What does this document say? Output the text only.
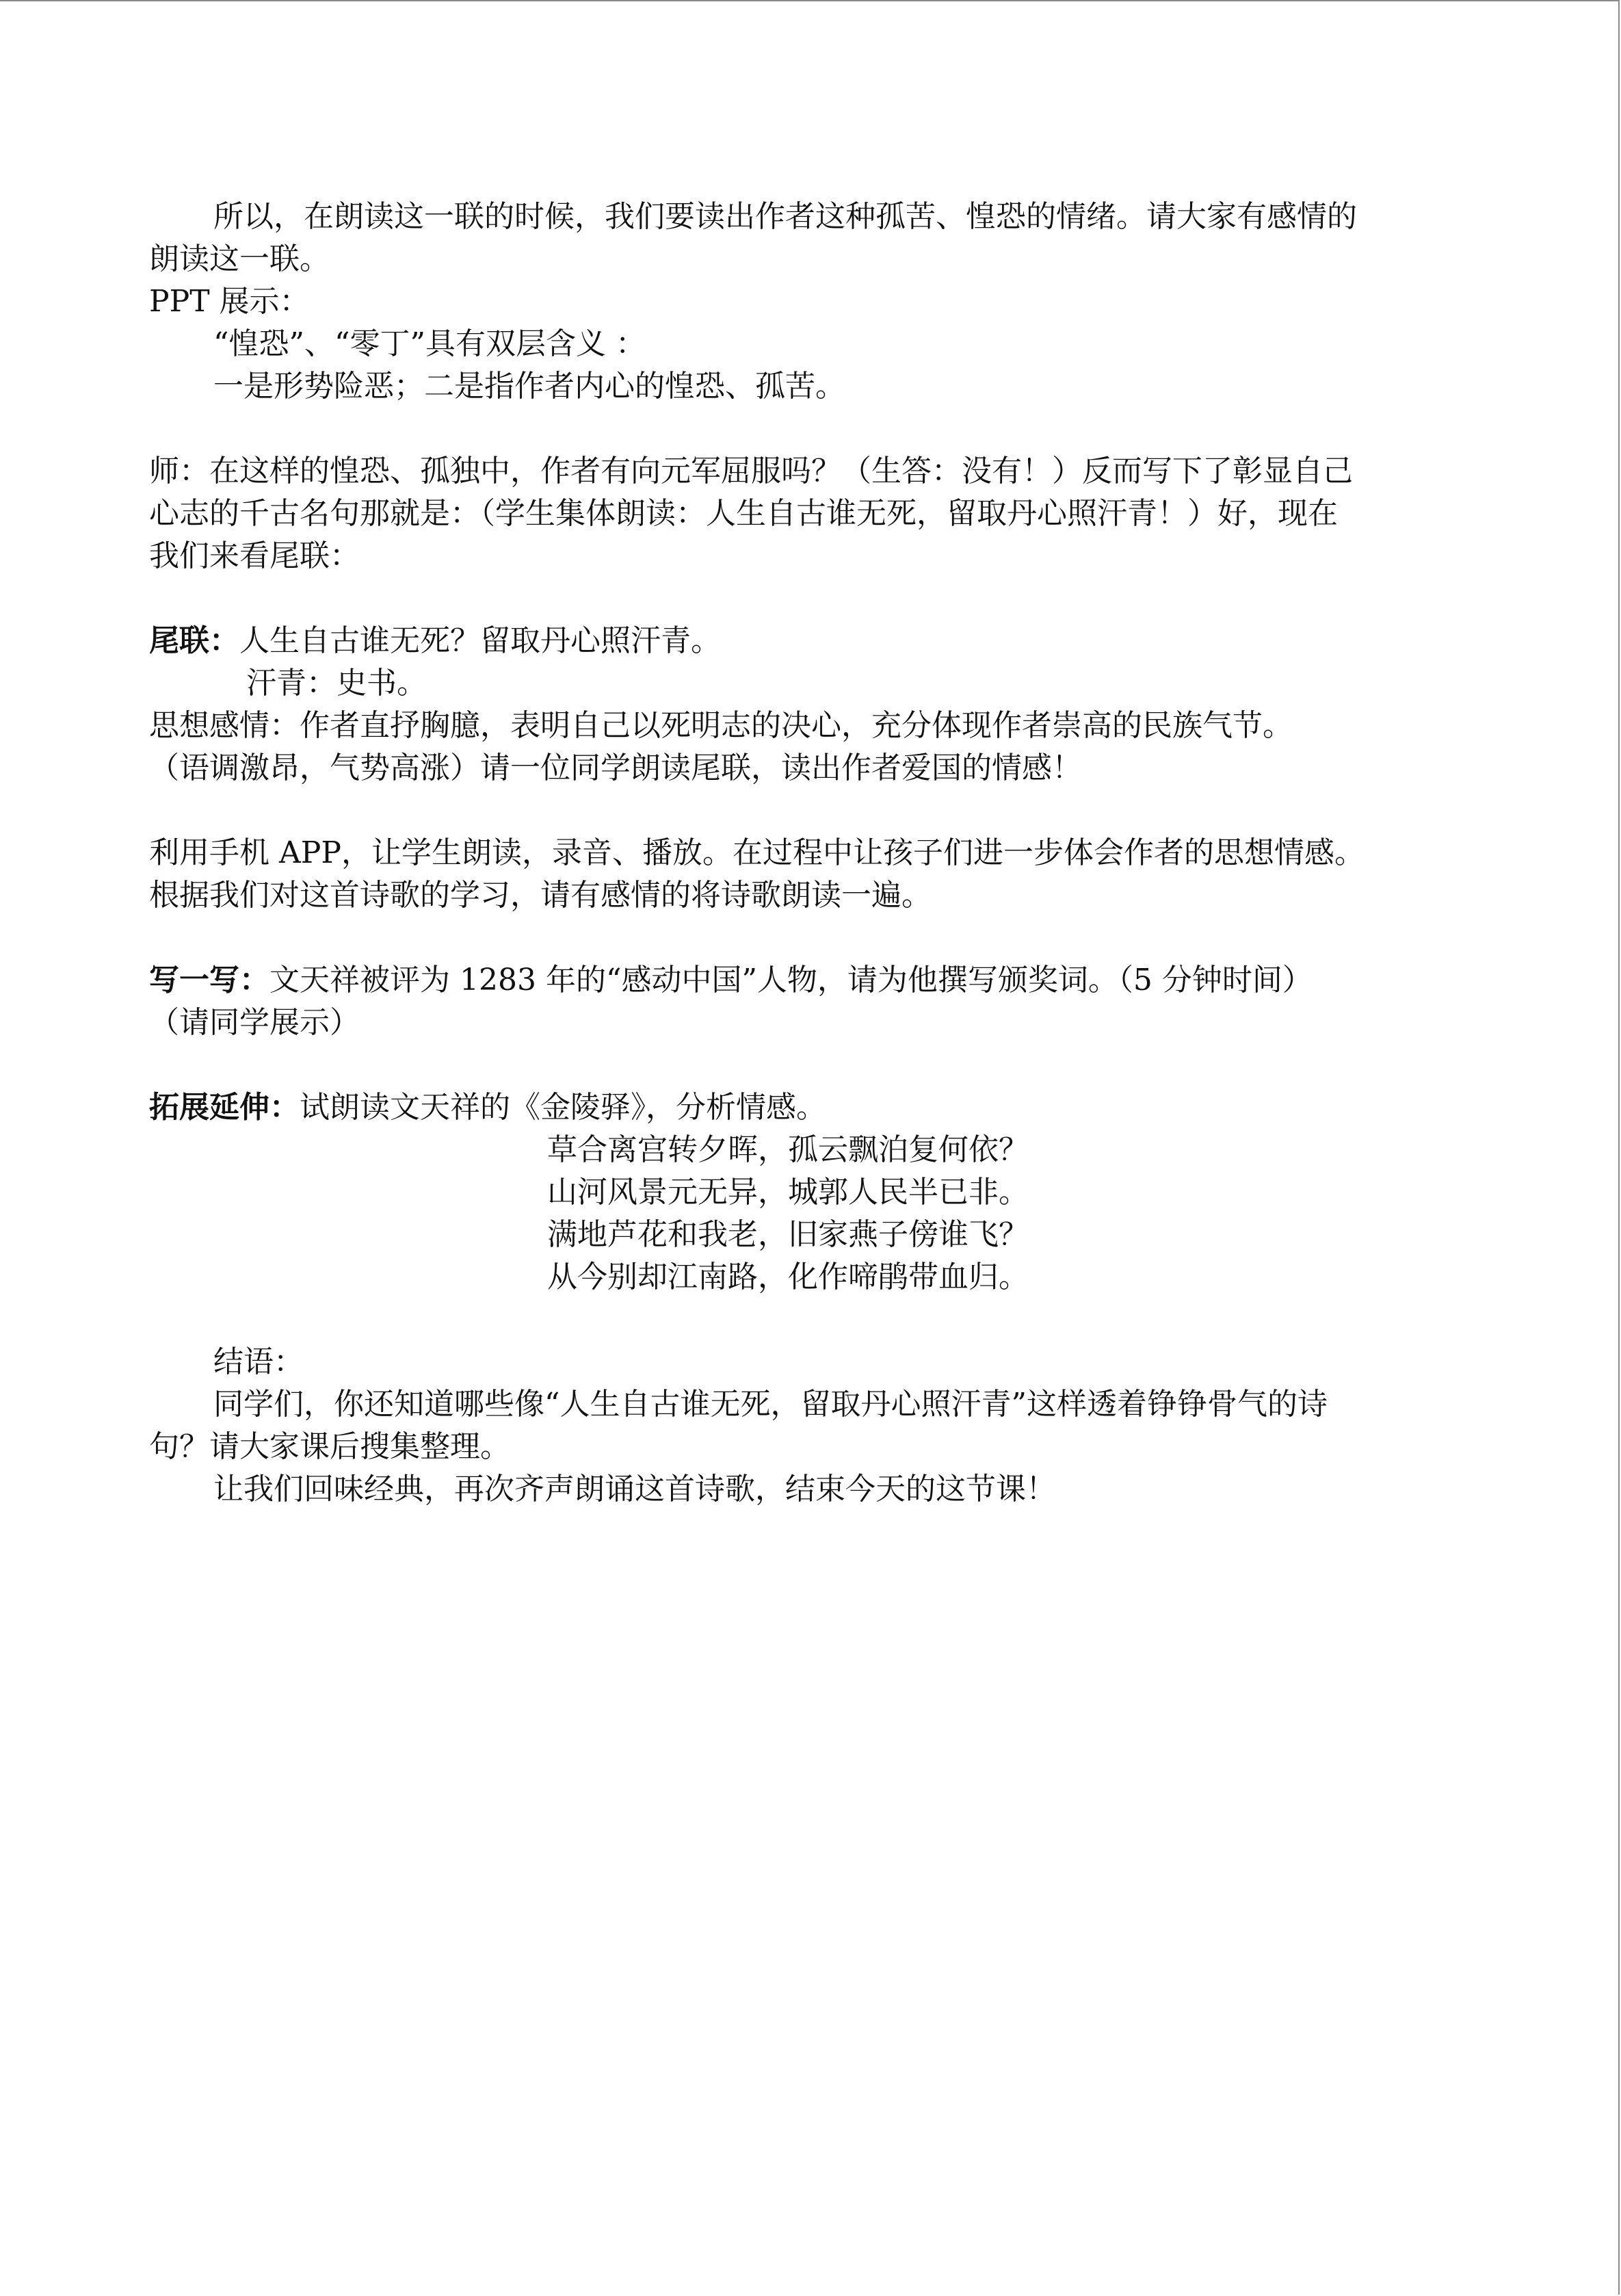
所以，在朗读这一联的时候，我们要读出作者这种孤苦、惶恐的情绪。请大家有感情的
朗读这一联。
PPT 展示：
“惶恐”、“零丁”具有双层含义 ：
一是形势险恶；二是指作者内心的惶恐、孤苦。
师：在这样的惶恐、孤独中，作者有向元军屈服吗？（生答：没有！）反而写下了彰显自己
心志的千古名句那就是：（学生集体朗读：人生自古谁无死，留取丹心照汗青！）好，现在
我们来看尾联：
尾联：人生自古谁无死？留取丹心照汗青。
汗青：史书。
思想感情：作者直抒胸臆，表明自己以死明志的决心，充分体现作者崇高的民族气节。
（语调激昂，气势高涨）请一位同学朗读尾联，读出作者爱国的情感！
利用手机 APP，让学生朗读，录音、播放。在过程中让孩子们进一步体会作者的思想情感。
根据我们对这首诗歌的学习，请有感情的将诗歌朗读一遍。
写一写：文天祥被评为 1283 年的“感动中国”人物，请为他撰写颁奖词。（5 分钟时间）
（请同学展示）
拓展延伸：试朗读文天祥的《金陵驿》，分析情感。
草合离宫转夕晖，孤云飘泊复何依？
山河风景元无异，城郭人民半已非。
满地芦花和我老，旧家燕子傍谁飞？
从今别却江南路，化作啼鹃带血归。
结语：
同学们，你还知道哪些像“人生自古谁无死，留取丹心照汗青”这样透着铮铮骨气的诗
句？请大家课后搜集整理。
让我们回味经典，再次齐声朗诵这首诗歌，结束今天的这节课！
